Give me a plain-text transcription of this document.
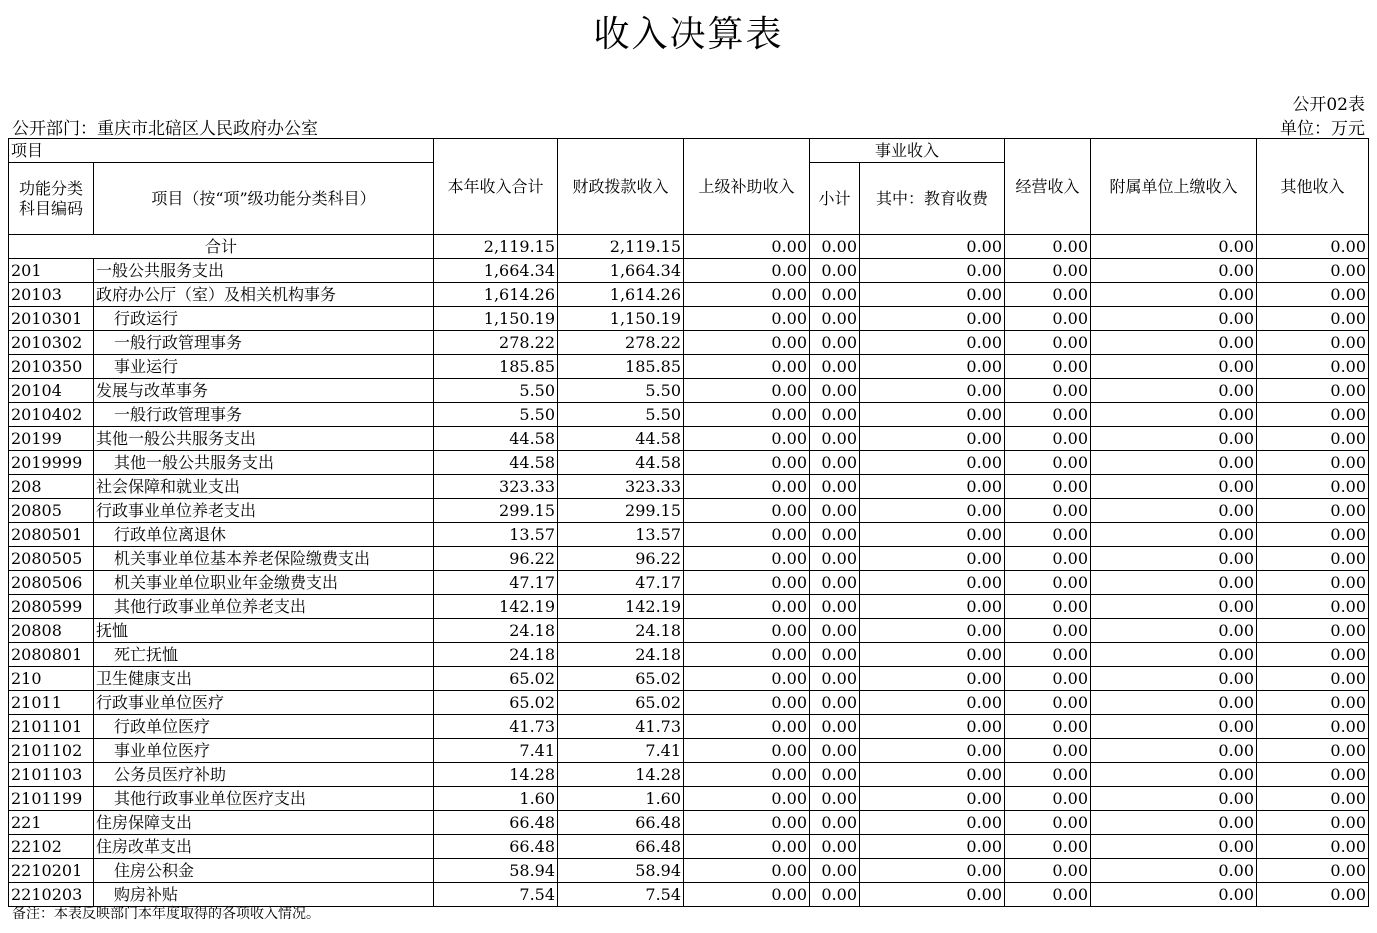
收入决算表
公开02表
公开部门：重庆市北碚区人民政府办公室	单位：万元
项目		本年收入合计	财政拨款收入	上级补助收入	事业收入		经营收入	附属单位上缴收入	其他收入

功能分类
科目编码	项目（按“项”级功能分类科目）				小计	其中：教育收费			
合计		2,119.15	2,119.15	0.00	0.00	0.00	0.00	0.00	0.00
201	一般公共服务支出	1,664.34	1,664.34	0.00	0.00	0.00	0.00	0.00	0.00
20103	政府办公厅（室）及相关机构事务	1,614.26	1,614.26	0.00	0.00	0.00	0.00	0.00	0.00
2010301	行政运行	1,150.19	1,150.19	0.00	0.00	0.00	0.00	0.00	0.00
2010302	一般行政管理事务	278.22	278.22	0.00	0.00	0.00	0.00	0.00	0.00
2010350	事业运行	185.85	185.85	0.00	0.00	0.00	0.00	0.00	0.00
20104	发展与改革事务	5.50	5.50	0.00	0.00	0.00	0.00	0.00	0.00
2010402	一般行政管理事务	5.50	5.50	0.00	0.00	0.00	0.00	0.00	0.00
20199	其他一般公共服务支出	44.58	44.58	0.00	0.00	0.00	0.00	0.00	0.00
2019999	其他一般公共服务支出	44.58	44.58	0.00	0.00	0.00	0.00	0.00	0.00
208	社会保障和就业支出	323.33	323.33	0.00	0.00	0.00	0.00	0.00	0.00
20805	行政事业单位养老支出	299.15	299.15	0.00	0.00	0.00	0.00	0.00	0.00
2080501	行政单位离退休	13.57	13.57	0.00	0.00	0.00	0.00	0.00	0.00
2080505	机关事业单位基本养老保险缴费支出	96.22	96.22	0.00	0.00	0.00	0.00	0.00	0.00
2080506	机关事业单位职业年金缴费支出	47.17	47.17	0.00	0.00	0.00	0.00	0.00	0.00
2080599	其他行政事业单位养老支出	142.19	142.19	0.00	0.00	0.00	0.00	0.00	0.00
20808	抚恤	24.18	24.18	0.00	0.00	0.00	0.00	0.00	0.00
2080801	死亡抚恤	24.18	24.18	0.00	0.00	0.00	0.00	0.00	0.00
210	卫生健康支出	65.02	65.02	0.00	0.00	0.00	0.00	0.00	0.00
21011	行政事业单位医疗	65.02	65.02	0.00	0.00	0.00	0.00	0.00	0.00
2101101	行政单位医疗	41.73	41.73	0.00	0.00	0.00	0.00	0.00	0.00
2101102	事业单位医疗	7.41	7.41	0.00	0.00	0.00	0.00	0.00	0.00
2101103	公务员医疗补助	14.28	14.28	0.00	0.00	0.00	0.00	0.00	0.00
2101199	其他行政事业单位医疗支出	1.60	1.60	0.00	0.00	0.00	0.00	0.00	0.00
221	住房保障支出	66.48	66.48	0.00	0.00	0.00	0.00	0.00	0.00
22102	住房改革支出	66.48	66.48	0.00	0.00	0.00	0.00	0.00	0.00
2210201	住房公积金	58.94	58.94	0.00	0.00	0.00	0.00	0.00	0.00
2210203	购房补贴	7.54	7.54	0.00	0.00	0.00	0.00	0.00	0.00
备注：本表反映部门本年度取得的各项收入情况。
